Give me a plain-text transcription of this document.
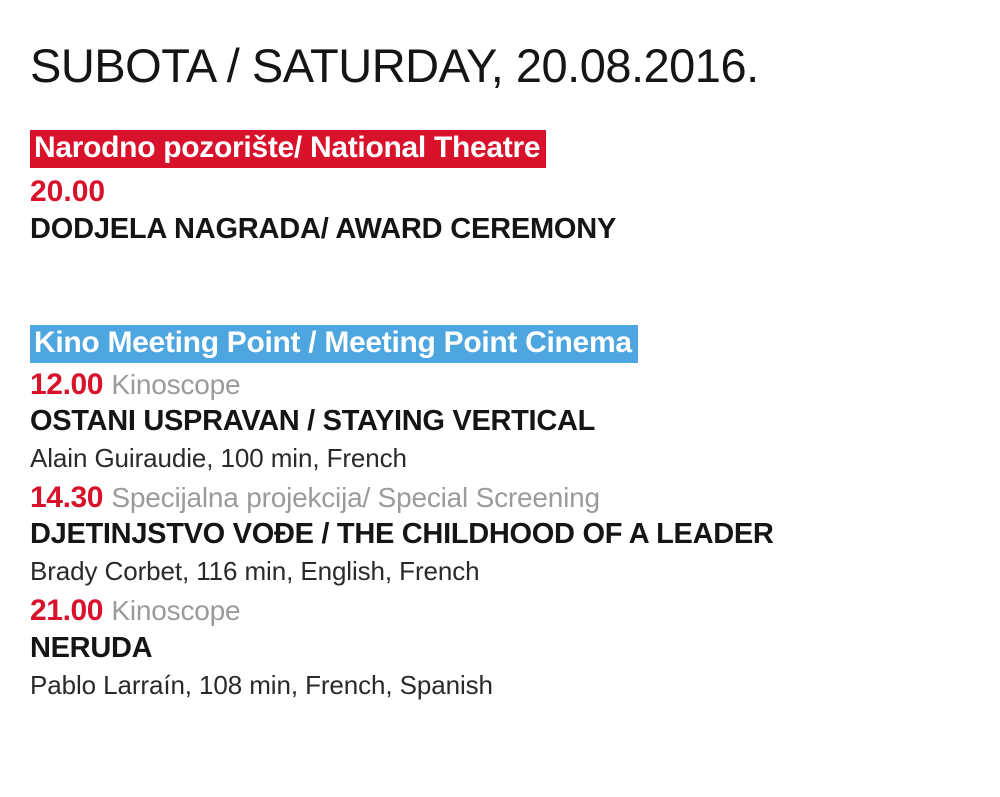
SUBOTA / SATURDAY, 20.08.2016.
Narodno pozorište/ National Theatre
20.00
DODJELA NAGRADA/ AWARD CEREMONY
Kino Meeting Point / Meeting Point Cinema
12.00 Kinoscope
OSTANI USPRAVAN / STAYING VERTICAL
Alain Guiraudie, 100 min, French
14.30 Specijalna projekcija/ Special Screening
DJETINJSTVO VOĐE / THE CHILDHOOD OF A LEADER
Brady Corbet, 116 min, English, French
21.00 Kinoscope
NERUDA
Pablo Larraín, 108 min, French, Spanish
